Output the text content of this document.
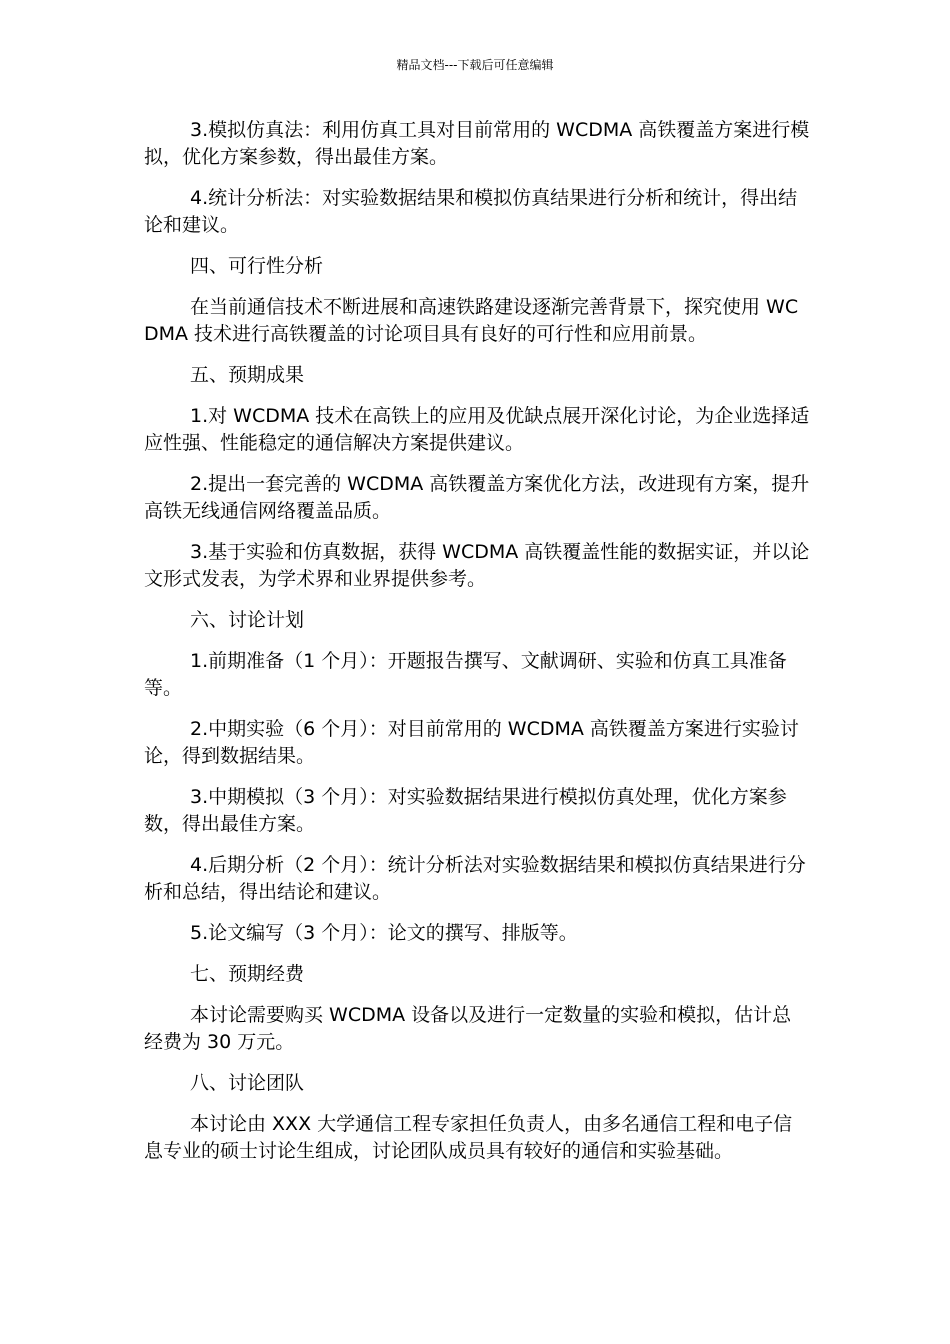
精品文档---下载后可任意编辑

3.模拟仿真法：利用仿真工具对目前常用的 WCDMA 高铁覆盖方案进行模拟，优化方案参数，得出最佳方案。

4.统计分析法：对实验数据结果和模拟仿真结果进行分析和统计，得出结论和建议。

四、可行性分析

在当前通信技术不断进展和高速铁路建设逐渐完善背景下，探究使用 WCDMA 技术进行高铁覆盖的讨论项目具有良好的可行性和应用前景。

五、预期成果

1.对 WCDMA 技术在高铁上的应用及优缺点展开深化讨论，为企业选择适应性强、性能稳定的通信解决方案提供建议。

2.提出一套完善的 WCDMA 高铁覆盖方案优化方法，改进现有方案，提升高铁无线通信网络覆盖品质。

3.基于实验和仿真数据，获得 WCDMA 高铁覆盖性能的数据实证，并以论文形式发表，为学术界和业界提供参考。

六、讨论计划

1.前期准备（1 个月）：开题报告撰写、文献调研、实验和仿真工具准备等。

2.中期实验（6 个月）：对目前常用的 WCDMA 高铁覆盖方案进行实验讨论，得到数据结果。

3.中期模拟（3 个月）：对实验数据结果进行模拟仿真处理，优化方案参数，得出最佳方案。

4.后期分析（2 个月）：统计分析法对实验数据结果和模拟仿真结果进行分析和总结，得出结论和建议。

5.论文编写（3 个月）：论文的撰写、排版等。

七、预期经费

本讨论需要购买 WCDMA 设备以及进行一定数量的实验和模拟，估计总经费为 30 万元。

八、讨论团队

本讨论由 XXX 大学通信工程专家担任负责人，由多名通信工程和电子信息专业的硕士讨论生组成，讨论团队成员具有较好的通信和实验基础。
